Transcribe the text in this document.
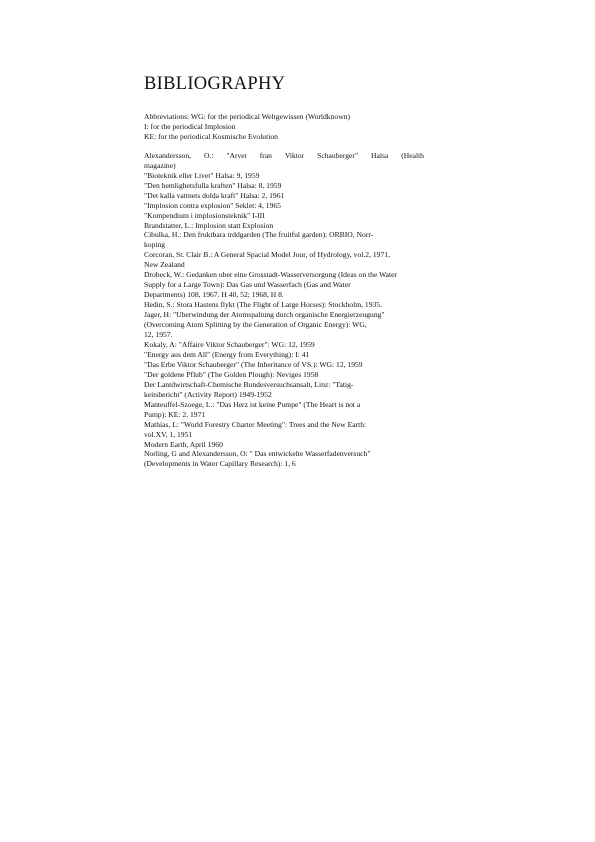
BIBLIOGRAPHY
Abbreviations: WG: for the periodical Weltgewissen (Worldknown)
I: for the periodical Implosion
KE: for the periodical Kosmische Evolution
Alexandersson, O.: "Arvet fran Viktor Schauberger" Halsa (Health
magazine)
"Bioteknik eller Livet" Halsa: 9, 1959
"Den hemlighetsfulla kraften" Halsa: 8, 1959
"Det kalla vattnets dolda kraft" Halsa: 2, 1961
"Implosion contra explosion" Seklet: 4, 1965
"Kompendium i implosionsteknik" I-III
Brandstatter, L.: Implosion statt Explosion
Cibulka, H.: Den fruktbara trddgarden (The fruitful garden): ORBIO, Norr-
koping
Corcoran, St. Clair B.: A General Spacial Model Jour, of Hydrology, vol.2, 1971,
New Zealand
Drobeck, W.: Gedanken uber eine Grosstadt-Wasserversorgung (Ideas on the Water
Supply for a Large Town): Das Gas und Wasserfach (Gas and Water
Departments) 108, 1967. H 40, 52; 1968, H 8.
Hedin, S.: Stora Hastens flykt (The Flight of Large Horses): Stockholm, 1935.
Jager, H: "Uberwindung der Atomspaltung durch organische Energierzeugung"
(Overcoming Atom Splitting by the Generation of Organic Energy): WG,
12, 1957.
Kokaly, A: "Affaire Viktor Schauberger": WG: 12, 1959
"Energy aus dem All" (Energy from Everything): I: 41
"Das Erbe Viktor Schauberger" (The Inheritance of VS.): WG: 12, 1959
"Der goldene Pflub" (The Golden Plough): Neviges 1958
Der Lantdwirtschaft-Chemische Bundesversuchsansalt, Linz: "Tatig-
keitsbericht" (Activity Report) 1949-1952
Manteuffel-Szoege, L.: "Das Herz ist keine Pumpe" (The Heart is not a
Pump): KE: 2. 1971
Mathias, L: "World Forestry Charter Meeting": Trees and the New Earth:
vol.XV, 1, 1951
Modern Earth, April 1960
Norling, G and Alexandersson, O: " Das entwickelte Wasserfadenversuch"
(Developments in Water Capillary Research): 1, 6
